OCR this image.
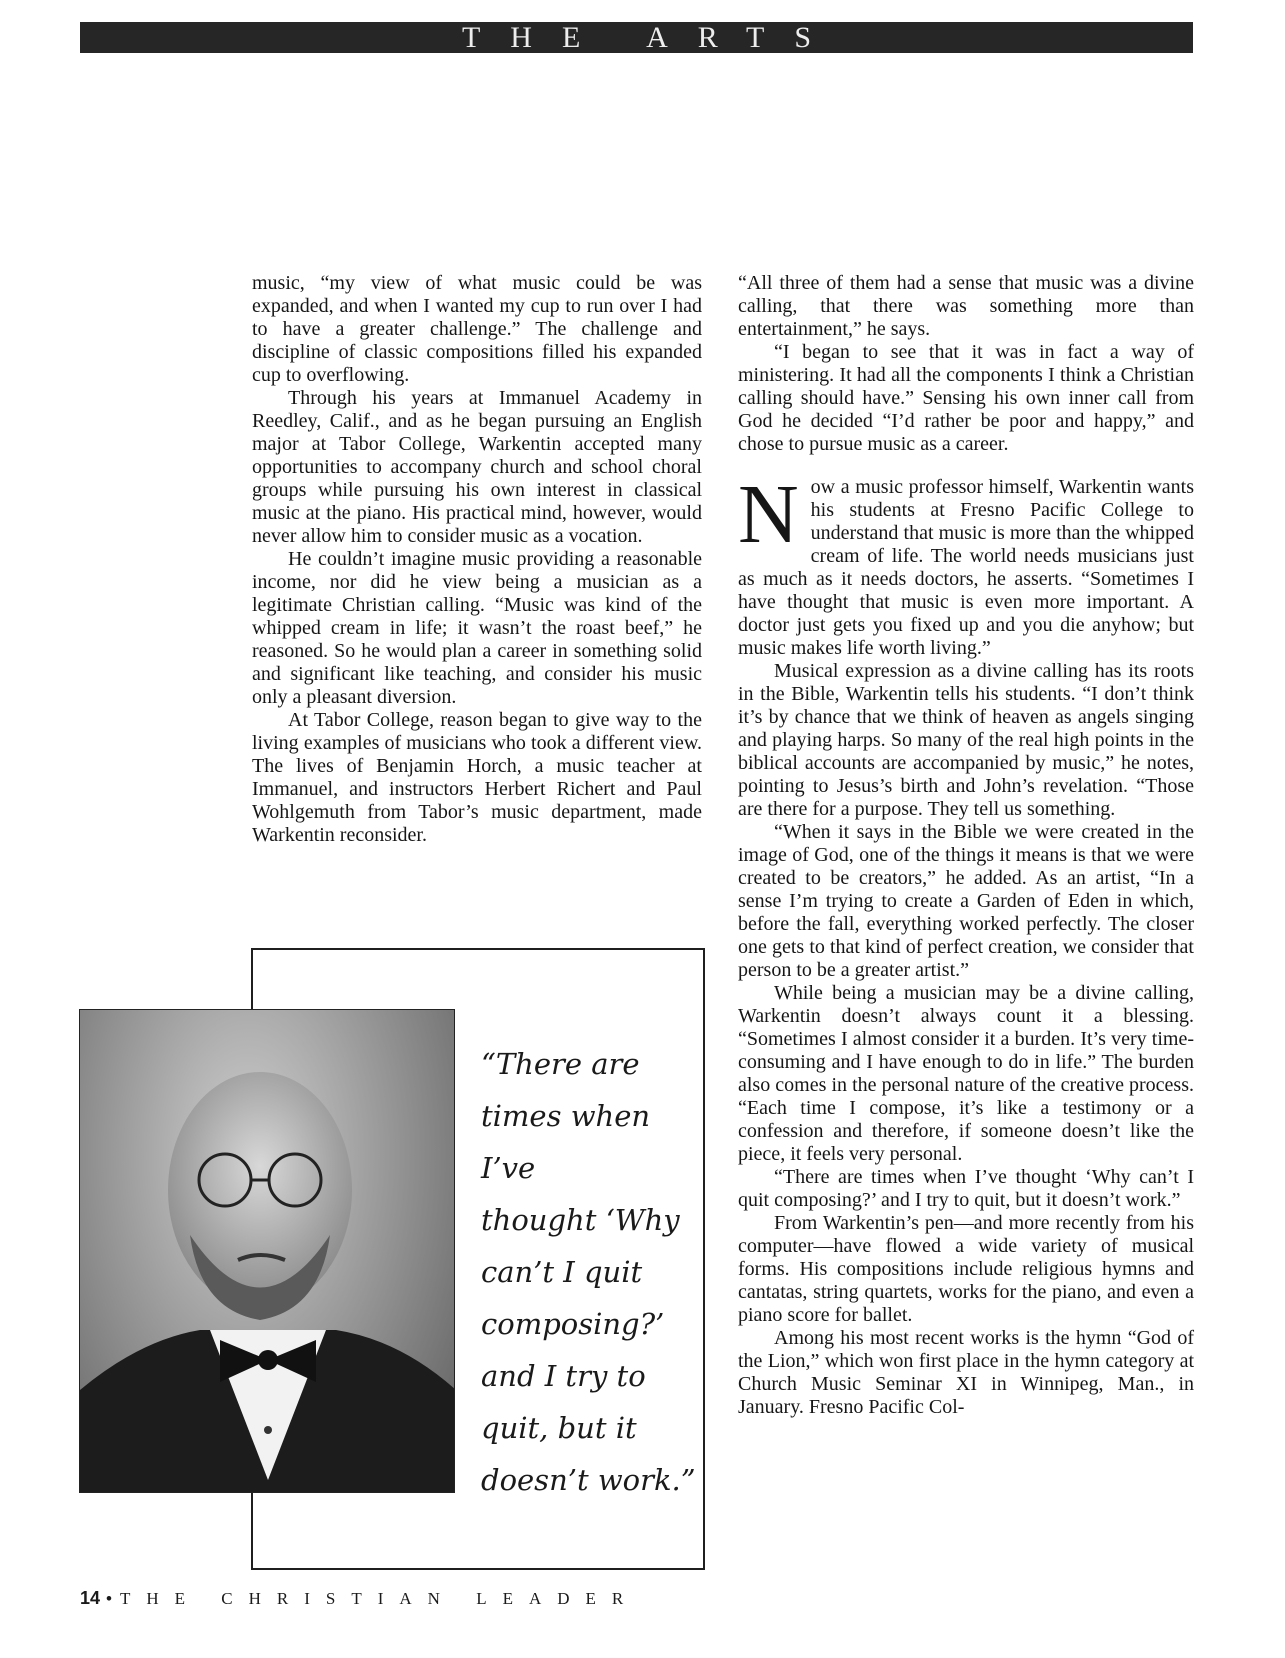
THE ARTS

music, “my view of what music could be was expanded, and when I wanted my cup to run over I had to have a greater challenge.” The challenge and discipline of classic compositions filled his expanded cup to overflowing.

Through his years at Immanuel Academy in Reedley, Calif., and as he began pursuing an English major at Tabor College, Warkentin accepted many opportunities to accompany church and school choral groups while pursuing his own interest in classical music at the piano. His practical mind, however, would never allow him to consider music as a vocation.

He couldn’t imagine music providing a reasonable income, nor did he view being a musician as a legitimate Christian calling. “Music was kind of the whipped cream in life; it wasn’t the roast beef,” he reasoned. So he would plan a career in something solid and significant like teaching, and consider his music only a pleasant diversion.

At Tabor College, reason began to give way to the living examples of musicians who took a different view. The lives of Benjamin Horch, a music teacher at Immanuel, and instructors Herbert Richert and Paul Wohlgemuth from Tabor’s music department, made Warkentin reconsider.

“All three of them had a sense that music was a divine calling, that there was something more than entertainment,” he says.

“I began to see that it was in fact a way of ministering. It had all the components I think a Christian calling should have.” Sensing his own inner call from God he decided “I’d rather be poor and happy,” and chose to pursue music as a career.

Now a music professor himself, Warkentin wants his students at Fresno Pacific College to understand that music is more than the whipped cream of life. The world needs musicians just as much as it needs doctors, he asserts. “Sometimes I have thought that music is even more important. A doctor just gets you fixed up and you die anyhow; but music makes life worth living.”

Musical expression as a divine calling has its roots in the Bible, Warkentin tells his students. “I don’t think it’s by chance that we think of heaven as angels singing and playing harps. So many of the real high points in the biblical accounts are accompanied by music,” he notes, pointing to Jesus’s birth and John’s revelation. “Those are there for a purpose. They tell us something.

“When it says in the Bible we were created in the image of God, one of the things it means is that we were created to be creators,” he added. As an artist, “In a sense I’m trying to create a Garden of Eden in which, before the fall, everything worked perfectly. The closer one gets to that kind of perfect creation, we consider that person to be a greater artist.”

While being a musician may be a divine calling, Warkentin doesn’t always count it a blessing. “Sometimes I almost consider it a burden. It’s very time-consuming and I have enough to do in life.” The burden also comes in the personal nature of the creative process. “Each time I compose, it’s like a testimony or a confession and therefore, if someone doesn’t like the piece, it feels very personal.

“There are times when I’ve thought ‘Why can’t I quit composing?’ and I try to quit, but it doesn’t work.”

From Warkentin’s pen—and more recently from his computer—have flowed a wide variety of musical forms. His compositions include religious hymns and cantatas, string quartets, works for the piano, and even a piano score for ballet.

Among his most recent works is the hymn “God of the Lion,” which won first place in the hymn category at Church Music Seminar XI in Winnipeg, Man., in January. Fresno Pacific Col-

“There are
times when I’ve
thought ‘Why
can’t I quit
composing?’
and I try to
quit, but it
doesn’t work.”
14 • THE CHRISTIAN LEADER
